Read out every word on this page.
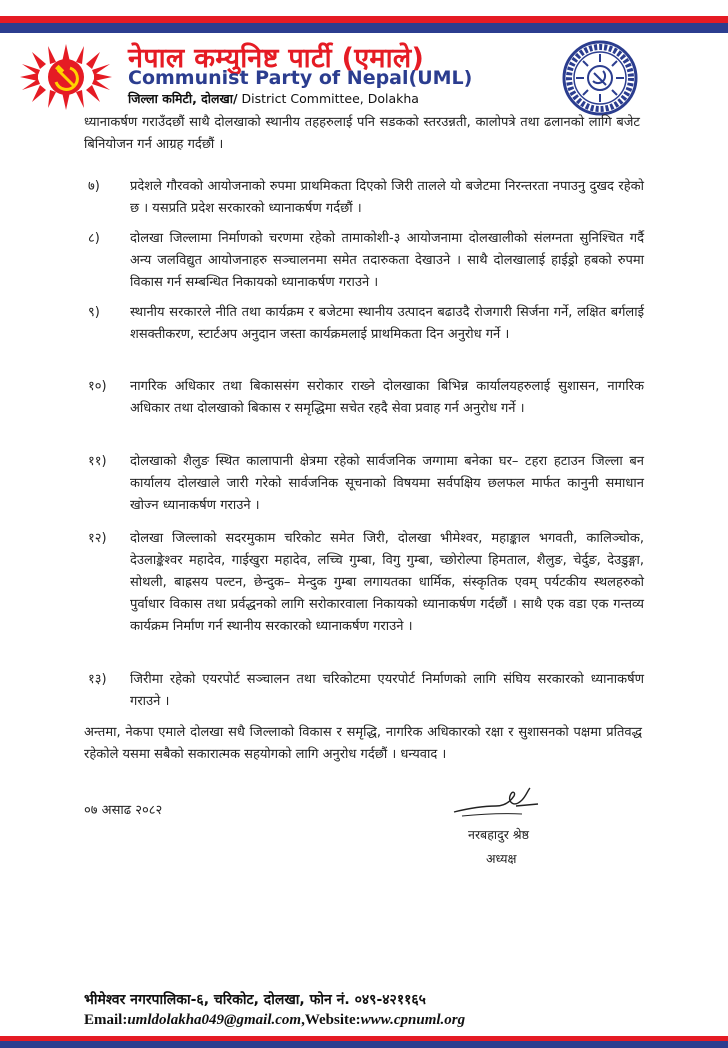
नेपाल कम्युनिष्ट पार्टी (एमाले)
Communist Party of Nepal(UML)
जिल्ला कमिटी, दोलखा/ District Committee, Dolakha

ध्यानाकर्षण गराउँदछौं साथै दोलखाको स्थानीय तहहरुलाई पनि सडकको स्तरउन्नती, कालोपत्रे तथा ढलानको लागि बजेट बिनियोजन गर्न आग्रह गर्दछौं ।

७) प्रदेशले गौरवको आयोजनाको रुपमा प्राथमिकता दिएको जिरी तालले यो बजेटमा निरन्तरता नपाउनु दुखद रहेको छ । यसप्रति प्रदेश सरकारको ध्यानाकर्षण गर्दछौं ।

८) दोलखा जिल्लामा निर्माणको चरणमा रहेको तामाकोशी-३ आयोजनामा दोलखालीको संलग्नता सुनिश्चित गर्दै अन्य जलविद्युत आयोजनाहरु सञ्चालनमा समेत तदारुकता देखाउने । साथै दोलखालाई हाईड्रो हबको रुपमा विकास गर्न सम्बन्धित निकायको ध्यानाकर्षण गराउने ।

९) स्थानीय सरकारले नीति तथा कार्यक्रम र बजेटमा स्थानीय उत्पादन बढाउदै रोजगारी सिर्जना गर्ने, लक्षित बर्गलाई शसक्तीकरण, स्टार्टअप अनुदान जस्ता कार्यक्रमलाई प्राथमिकता दिन अनुरोध गर्ने ।

१०) नागरिक अधिकार तथा बिकाससंग सरोकार राख्ने दोलखाका बिभिन्न कार्यालयहरुलाई सुशासन, नागरिक अधिकार तथा दोलखाको बिकास र समृद्धिमा सचेत रहदै सेवा प्रवाह गर्न अनुरोध गर्ने ।

११) दोलखाको शैलुङ स्थित कालापानी क्षेत्रमा रहेको सार्वजनिक जग्गामा बनेका घर– टहरा हटाउन जिल्ला बन कार्यालय दोलखाले जारी गरेको सार्वजनिक सूचनाको विषयमा सर्वपक्षिय छलफल मार्फत कानुनी समाधान खोज्न ध्यानाकर्षण गराउने ।

१२) दोलखा जिल्लाको सदरमुकाम चरिकोट समेत जिरी, दोलखा भीमेश्वर, महाङ्काल भगवती, कालिञ्चोक, देउलाङ्केश्वर महादेव, गाईखुरा महादेव, लच्चि गुम्बा, विगु गुम्बा, च्छोरोल्पा हिमताल, शैलुङ, चेर्दुङ, देउडुङ्गा, सोथली, बाह्रसय पल्टन, छेन्दुक– मेन्दुक गुम्बा लगायतका धार्मिक, संस्कृतिक एवम् पर्यटकीय स्थलहरुको पुर्वाधार विकास तथा प्रर्वद्धनको लागि सरोकारवाला निकायको ध्यानाकर्षण गर्दछौं । साथै एक वडा एक गन्तव्य कार्यक्रम निर्माण गर्न स्थानीय सरकारको ध्यानाकर्षण गराउने ।

१३) जिरीमा रहेको एयरपोर्ट सञ्चालन तथा चरिकोटमा एयरपोर्ट निर्माणको लागि संघिय सरकारको ध्यानाकर्षण गराउने ।

अन्तमा, नेकपा एमाले दोलखा सधै जिल्लाको विकास र समृद्धि, नागरिक अधिकारको रक्षा र सुशासनको पक्षमा प्रतिवद्ध रहेकोले यसमा सबैको सकारात्मक सहयोगको लागि अनुरोध गर्दछौं । धन्यवाद ।

०७ असाढ २०८२
नरबहादुर श्रेष्ठ
अध्यक्ष
भीमेश्वर नगरपालिका-६, चरिकोट, दोलखा, फोन नं. ०४९-४२११६५
Email:umldolakha049@gmail.com,Website:www.cpnuml.org
